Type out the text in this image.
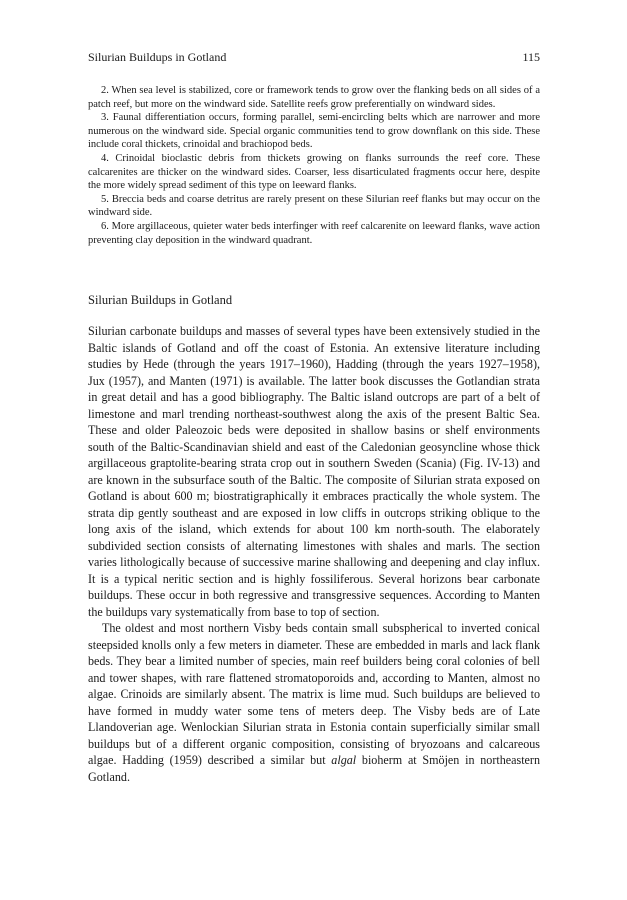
Silurian Buildups in Gotland	115

2. When sea level is stabilized, core or framework tends to grow over the flanking beds on all sides of a patch reef, but more on the windward side. Satellite reefs grow preferentially on windward sides.

3. Faunal differentiation occurs, forming parallel, semi-encircling belts which are narrower and more numerous on the windward side. Special organic communities tend to grow downflank on this side. These include coral thickets, crinoidal and brachiopod beds.

4. Crinoidal bioclastic debris from thickets growing on flanks surrounds the reef core. These calcarenites are thicker on the windward sides. Coarser, less disarticulated fragments occur here, despite the more widely spread sediment of this type on leeward flanks.

5. Breccia beds and coarse detritus are rarely present on these Silurian reef flanks but may occur on the windward side.

6. More argillaceous, quieter water beds interfinger with reef calcarenite on leeward flanks, wave action preventing clay deposition in the windward quadrant.

Silurian Buildups in Gotland

Silurian carbonate buildups and masses of several types have been extensively studied in the Baltic islands of Gotland and off the coast of Estonia. An extensive literature including studies by Hede (through the years 1917–1960), Hadding (through the years 1927–1958), Jux (1957), and Manten (1971) is available. The latter book discusses the Gotlandian strata in great detail and has a good bibliography. The Baltic island outcrops are part of a belt of limestone and marl trending northeast-southwest along the axis of the present Baltic Sea. These and older Paleozoic beds were deposited in shallow basins or shelf environments south of the Baltic-Scandinavian shield and east of the Caledonian geosyncline whose thick argillaceous graptolite-bearing strata crop out in southern Sweden (Scania) (Fig. IV-13) and are known in the subsurface south of the Baltic. The composite of Silurian strata exposed on Gotland is about 600 m; biostratigraphically it embraces practically the whole system. The strata dip gently southeast and are exposed in low cliffs in outcrops striking oblique to the long axis of the island, which extends for about 100 km north-south. The elaborately subdivided section consists of alternating limestones with shales and marls. The section varies lithologically because of successive marine shallowing and deepening and clay influx. It is a typical neritic section and is highly fossiliferous. Several horizons bear carbonate buildups. These occur in both regressive and transgressive sequences. According to Manten the buildups vary systematically from base to top of section.

The oldest and most northern Visby beds contain small subspherical to inverted conical steepsided knolls only a few meters in diameter. These are embedded in marls and lack flank beds. They bear a limited number of species, main reef builders being coral colonies of bell and tower shapes, with rare flattened stromatoporoids and, according to Manten, almost no algae. Crinoids are similarly absent. The matrix is lime mud. Such buildups are believed to have formed in muddy water some tens of meters deep. The Visby beds are of Late Llandoverian age. Wenlockian Silurian strata in Estonia contain superficially similar small buildups but of a different organic composition, consisting of bryozoans and calcareous algae. Hadding (1959) described a similar but algal bioherm at Smöjen in northeastern Gotland.
